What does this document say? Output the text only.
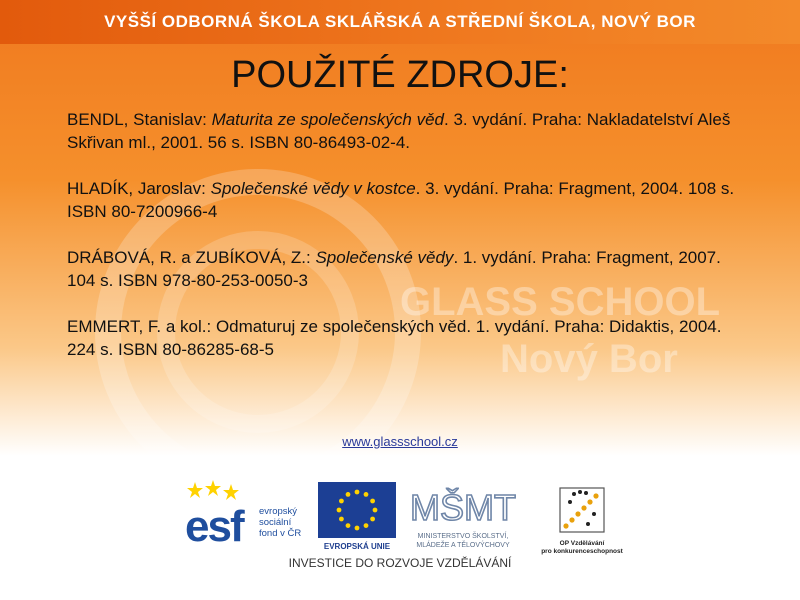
VYŠŠÍ ODBORNÁ ŠKOLA SKLÁŘSKÁ A STŘEDNÍ ŠKOLA, NOVÝ BOR
GLASS SCHOOL
Nový Bor
POUŽITÉ ZDROJE:

BENDL, Stanislav: Maturita ze společenských věd. 3. vydání. Praha: Nakladatelství Aleš Skřivan ml., 2001. 56 s. ISBN 80-86493-02-4.

HLADÍK, Jaroslav: Společenské vědy v kostce. 3. vydání. Praha: Fragment, 2004. 108 s. ISBN 80-7200966-4

DRÁBOVÁ, R. a ZUBÍKOVÁ, Z.: Společenské vědy. 1. vydání. Praha: Fragment, 2007. 104 s. ISBN 978-80-253-0050-3

EMMERT, F. a kol.: Odmaturuj ze společenských věd. 1. vydání. Praha: Didaktis, 2004. 224 s. ISBN 80-86285-68-5

www.glassschool.cz
esf evropský
sociální
fond v ČR
EVROPSKÁ UNIE
MŠMT
MINISTERSTVO ŠKOLSTVÍ,
MLÁDEŽE A TĚLOVÝCHOVY	OP Vzdělávání
pro konkurenceschopnost
INVESTICE DO ROZVOJE VZDĚLÁVÁNÍ
